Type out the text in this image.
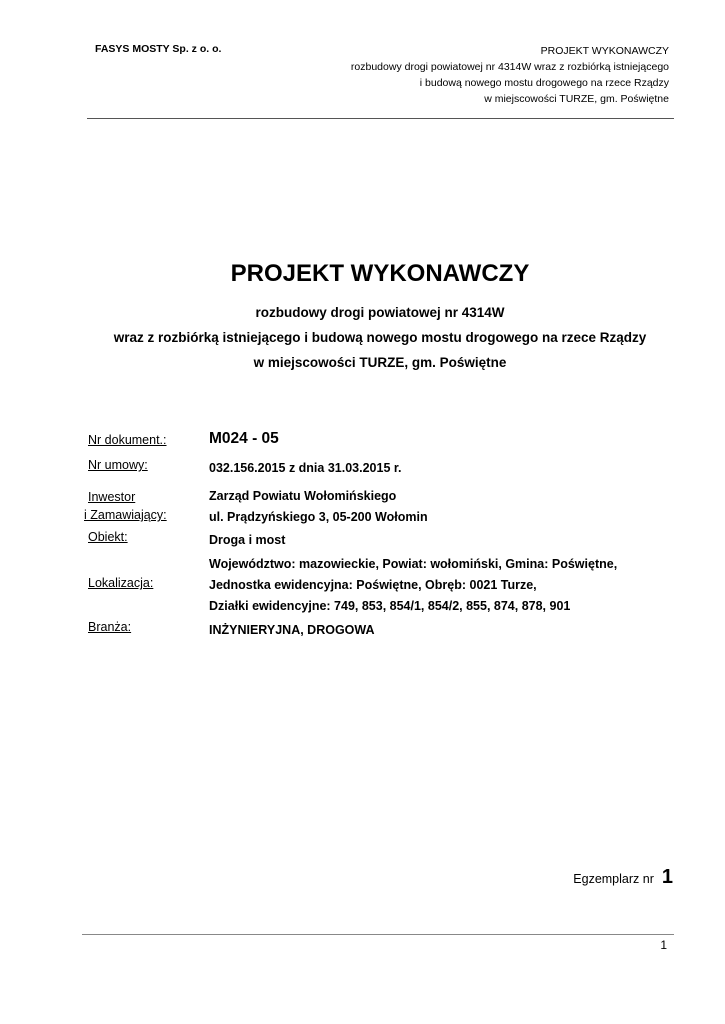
FASYS MOSTY Sp. z o. o.	PROJEKT WYKONAWCZY
rozbudowy drogi powiatowej nr 4314W wraz z rozbiórką istniejącego
i budową nowego mostu drogowego na rzece Rządzy
w miejscowości TURZE, gm. Poświętne
PROJEKT WYKONAWCZY
rozbudowy drogi powiatowej nr 4314W
wraz z rozbiórką istniejącego i budową nowego mostu drogowego na rzece Rządzy
w miejscowości TURZE, gm. Poświętne
Nr dokument.:	M024 - 05
Nr umowy:	032.156.2015 z dnia 31.03.2015 r.
Inwestor
i Zamawiający:
Zarząd Powiatu Wołomińskiego
ul. Prądzyńskiego 3, 05-200 Wołomin
Obiekt:	Droga i most
Lokalizacja:
Województwo: mazowieckie, Powiat: wołomiński, Gmina: Poświętne,
Jednostka ewidencyjna: Poświętne, Obręb: 0021 Turze,
Działki ewidencyjne: 749, 853, 854/1, 854/2, 855, 874, 878, 901
Branża:	INŻYNIERYJNA, DROGOWA
Egzemplarz nr 1
1
